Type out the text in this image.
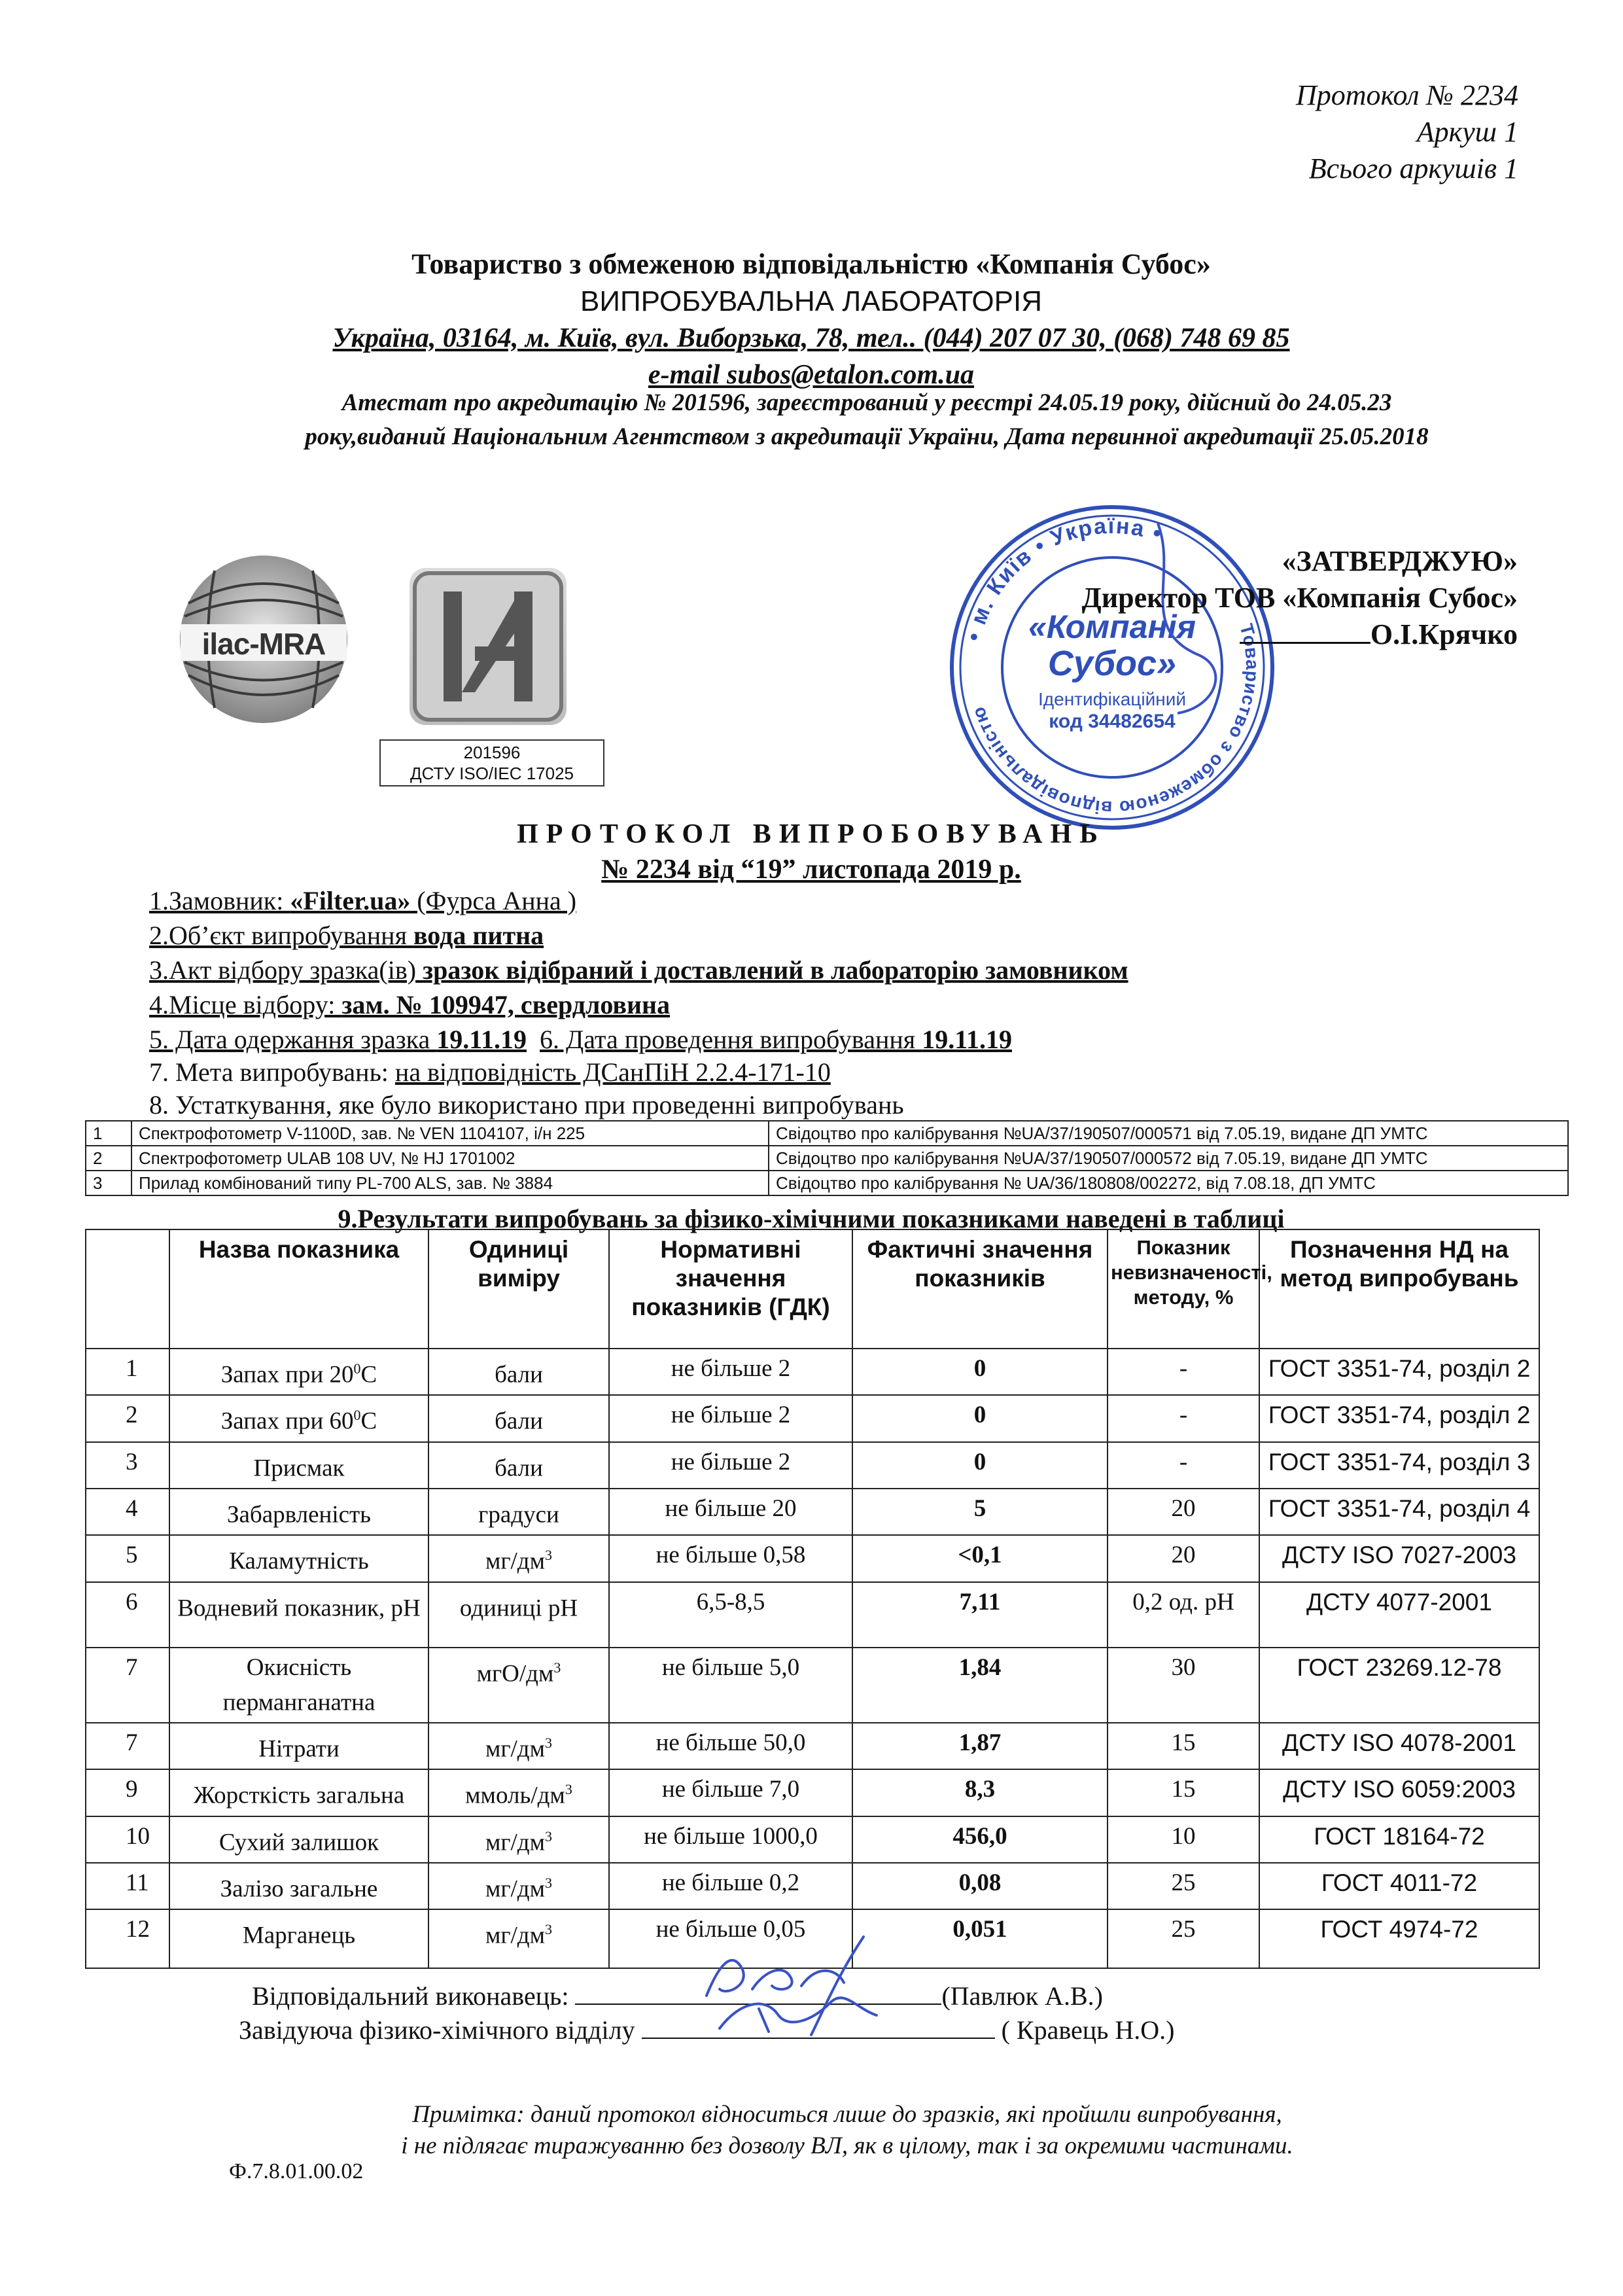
Протокол № 2234
Аркуш 1
Всього аркушів 1
Товариство з обмеженою відповідальністю «Компанія Субос»
ВИПРОБУВАЛЬНА ЛАБОРАТОРІЯ
Україна, 03164, м. Київ, вул. Виборзька, 78, тел.. (044) 207 07 30, (068) 748 69 85
e-mail subos@etalon.com.ua
Атестат про акредитацію № 201596, зареєстрований у реєстрі 24.05.19 року, дійсний до 24.05.23
року,виданий Національним Агентством з акредитації України, Дата первинної акредитації 25.05.2018
ilac-MRA
201596
ДСТУ ISO/IEC 17025
• м. Київ • Україна •
Товариство з обмеженою відповідальністю
«Компанія
Субос»
Ідентифікаційний
код 34482654
«ЗАТВЕРДЖУЮ»
Директор ТОВ «Компанія Субос»
О.І.Крячко
ПРОТОКОЛ ВИПРОБОВУВАНЬ
№ 2234 від “19” листопада 2019 р.
1.Замовник: «Filter.ua» (Фурса Анна )
2.Об’єкт випробування вода питна
3.Акт відбору зразка(ів) зразок відібраний і доставлений в лабораторію замовником
4.Місце відбору: зам. № 109947, свердловина
5. Дата одержання зразка 19.11.19 6. Дата проведення випробування 19.11.19
7. Мета випробувань: на відповідність ДСанПіН 2.2.4-171-10
8. Устаткування, яке було використано при проведенні випробувань
1	Спектрофотометр V-1100D, зав. № VEN 1104107, і/н 225	Свідоцтво про калібрування №UA/37/190507/000571 від 7.05.19, видане ДП УМТС
2	Спектрофотометр ULAB 108 UV, № HJ 1701002	Свідоцтво про калібрування №UA/37/190507/000572 від 7.05.19, видане ДП УМТС
3	Прилад комбінований типу PL-700 ALS, зав. № 3884	Свідоцтво про калібрування № UA/36/180808/002272, від 7.08.18, ДП УМТС
9.Результати випробувань за фізико-хімічними показниками наведені в таблиці
	Назва показника	Одиниці виміру	Нормативні значення показників (ГДК)	Фактичні значення показників	Показник невизначеності, методу, %	Позначення НД на метод випробувань
1	Запах при $20^0С$	бали	не більше 2	0	-	ГОСТ 3351-74, розділ 2
2	Запах при $60^0С$	бали	не більше 2	0	-	ГОСТ 3351-74, розділ 2
3	Присмак	бали	не більше 2	0	-	ГОСТ 3351-74, розділ 3
4	Забарвленість	градуси	не більше 20	5	20	ГОСТ 3351-74, розділ 4
5	Каламутність	$мг/дм^3$	не більше 0,58	<0,1	20	ДСТУ ISO 7027-2003
6	Водневий показник, pH	одиниці pH	6,5-8,5	7,11	0,2 од. pH	ДСТУ 4077-2001
7	Окисність перманганатна	мгО/$дм^3$	не більше 5,0	1,84	30	ГОСТ 23269.12-78
7	Нітрати	$мг/дм^3$	не більше 50,0	1,87	15	ДСТУ ISO 4078-2001
9	Жорсткість загальна	ммоль/$дм^3$	не більше 7,0	8,3	15	ДСТУ ISO 6059:2003
10	Сухий залишок	$мг/дм^3$	не більше 1000,0	456,0	10	ГОСТ 18164-72
11	Залізо загальне	$мг/дм^3$	не більше 0,2	0,08	25	ГОСТ 4011-72
12	Марганець	$мг/дм^3$	не більше 0,05	0,051	25	ГОСТ 4974-72
Відповідальний виконавець:	(Павлюк А.В.)
Завідуюча фізико-хімічного відділу	( Кравець Н.О.)
Примітка: даний протокол відноситься лише до зразків, які пройшли випробування,
і не підлягає тиражуванню без дозволу ВЛ, як в цілому, так і за окремими частинами.
Ф.7.8.01.00.02
